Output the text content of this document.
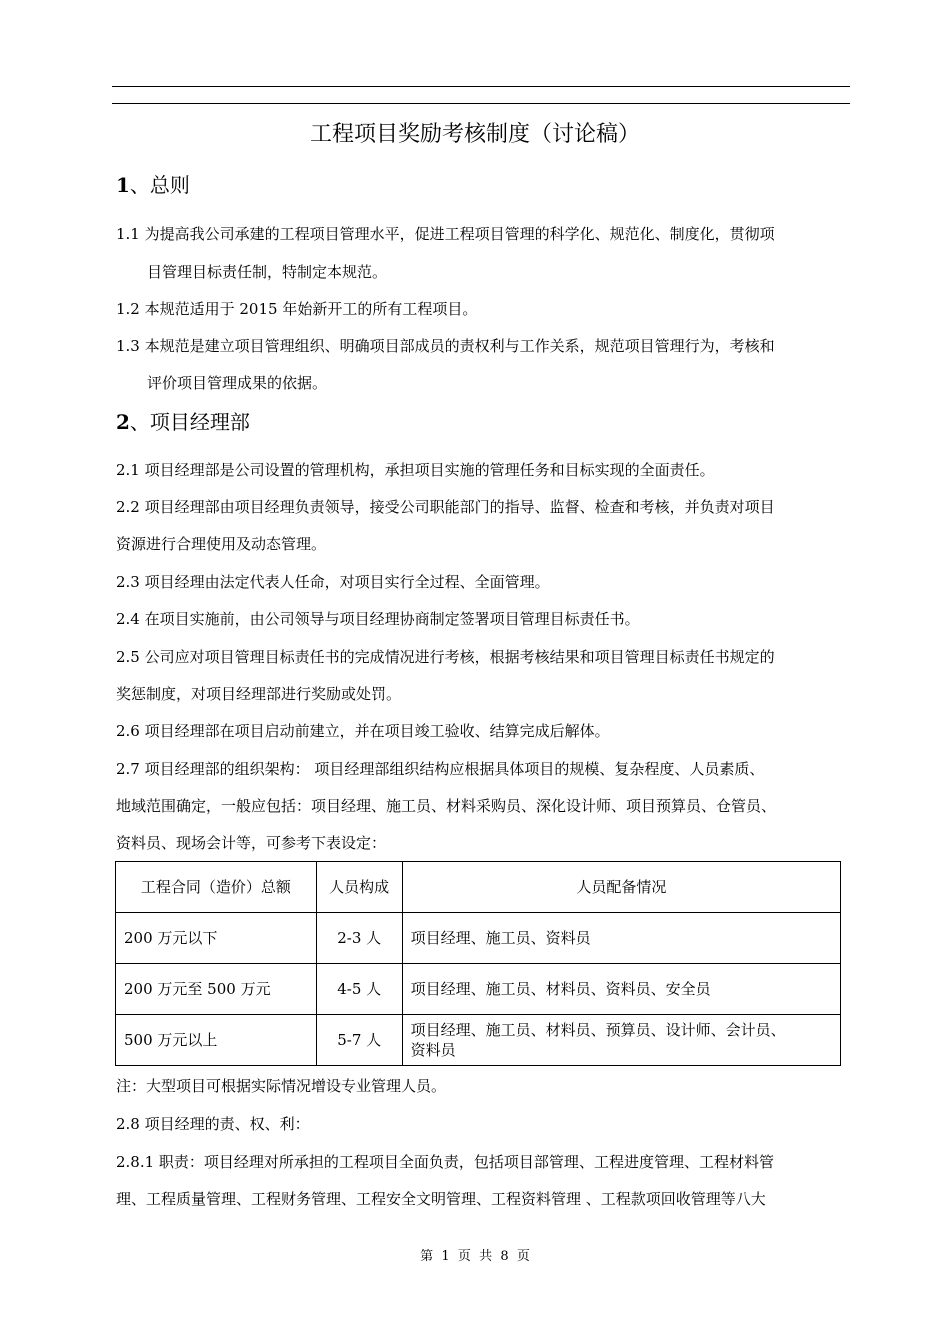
工程项目奖励考核制度（讨论稿）
1、总则
1.1 为提高我公司承建的工程项目管理水平，促进工程项目管理的科学化、规范化、制度化，贯彻项
目管理目标责任制，特制定本规范。
1.2 本规范适用于 2015 年始新开工的所有工程项目。
1.3 本规范是建立项目管理组织、明确项目部成员的责权利与工作关系，规范项目管理行为，考核和
评价项目管理成果的依据。
2、项目经理部
2.1 项目经理部是公司设置的管理机构，承担项目实施的管理任务和目标实现的全面责任。
2.2 项目经理部由项目经理负责领导，接受公司职能部门的指导、监督、检查和考核，并负责对项目
资源进行合理使用及动态管理。
2.3 项目经理由法定代表人任命，对项目实行全过程、全面管理。
2.4 在项目实施前，由公司领导与项目经理协商制定签署项目管理目标责任书。
2.5 公司应对项目管理目标责任书的完成情况进行考核，根据考核结果和项目管理目标责任书规定的
奖惩制度，对项目经理部进行奖励或处罚。
2.6 项目经理部在项目启动前建立，并在项目竣工验收、结算完成后解体。
2.7 项目经理部的组织架构： 项目经理部组织结构应根据具体项目的规模、复杂程度、人员素质、
地域范围确定，一般应包括：项目经理、施工员、材料采购员、深化设计师、项目预算员、仓管员、
资料员、现场会计等，可参考下表设定：
工程合同（造价）总额	人员构成	人员配备情况
200 万元以下	2-3 人	项目经理、施工员、资料员
200 万元至 500 万元	4-5 人	项目经理、施工员、材料员、资料员、安全员
500 万元以上	5-7 人	项目经理、施工员、材料员、预算员、设计师、会计员、
资料员
注：大型项目可根据实际情况增设专业管理人员。
2.8 项目经理的责、权、利：
2.8.1 职责：项目经理对所承担的工程项目全面负责，包括项目部管理、工程进度管理、工程材料管
理、工程质量管理、工程财务管理、工程安全文明管理、工程资料管理 、工程款项回收管理等八大
第  1  页  共  8  页
